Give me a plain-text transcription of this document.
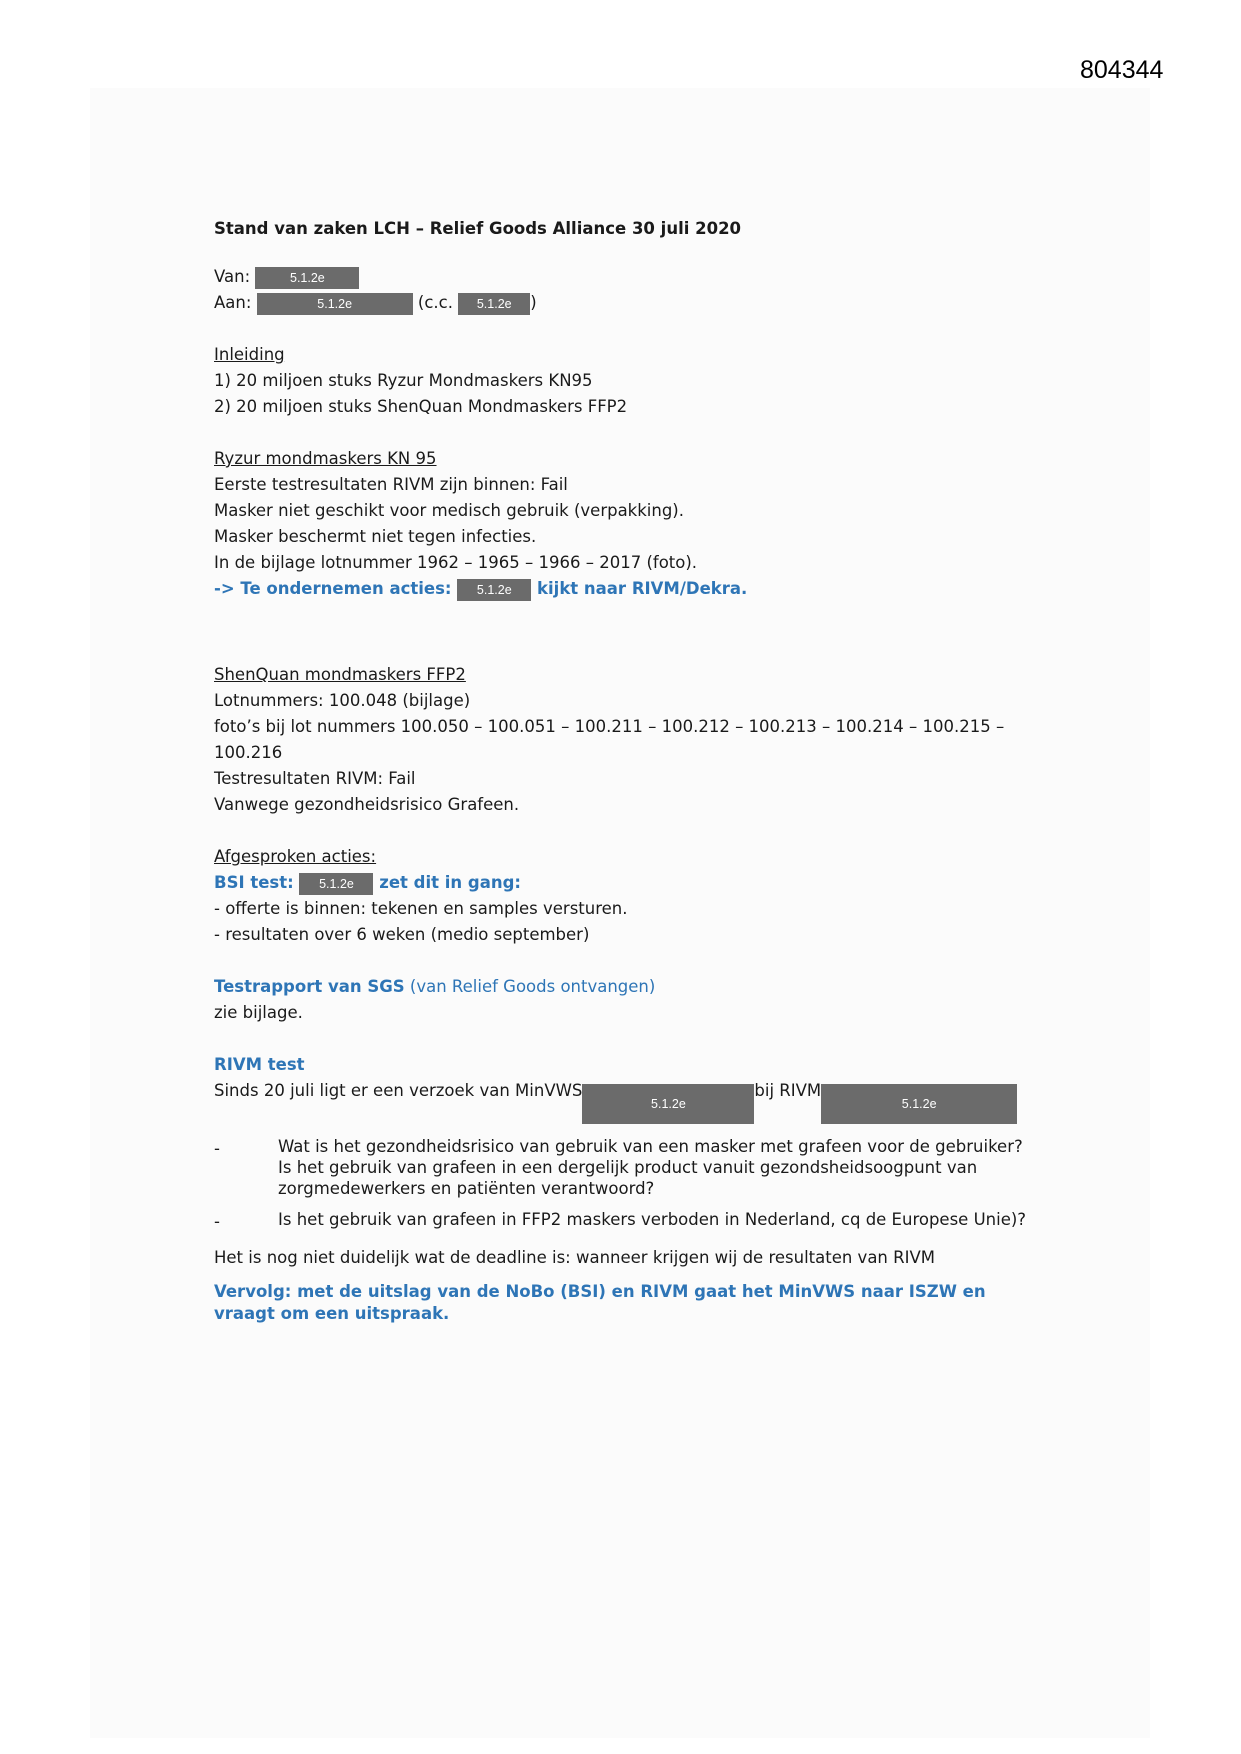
804344
Stand van zaken LCH – Relief Goods Alliance 30 juli 2020
Van:	5.1.2e
Aan:	5.1.2e	(c.c. 5.1.2e )
Inleiding
1) 20 miljoen stuks Ryzur Mondmaskers KN95
2) 20 miljoen stuks ShenQuan Mondmaskers FFP2
Ryzur mondmaskers KN 95
Eerste testresultaten RIVM zijn binnen: Fail
Masker niet geschikt voor medisch gebruik (verpakking).
Masker beschermt niet tegen infecties.
In de bijlage lotnummer 1962 – 1965 – 1966 – 2017 (foto).
-> Te ondernemen acties: 5.1.2e kijkt naar RIVM/Dekra.
ShenQuan mondmaskers FFP2
Lotnummers: 100.048 (bijlage)
foto’s bij lot nummers 100.050 – 100.051 – 100.211 – 100.212 – 100.213 – 100.214 – 100.215 –
100.216
Testresultaten RIVM: Fail
Vanwege gezondheidsrisico Grafeen.
Afgesproken acties:
BSI test: 5.1.2e zet dit in gang:
- offerte is binnen: tekenen en samples versturen.
- resultaten over 6 weken (medio september)
Testrapport van SGS (van Relief Goods ontvangen)
zie bijlage.
RIVM test
Sinds 20 juli ligt er een verzoek van MinVWS5.1.2ebij RIVM5.1.2e
-	Wat is het gezondheidsrisico van gebruik van een masker met grafeen voor de gebruiker? Is het gebruik van grafeen in een dergelijk product vanuit gezondsheidsoogpunt van zorgmedewerkers en patiënten verantwoord?
-	Is het gebruik van grafeen in FFP2 maskers verboden in Nederland, cq de Europese Unie)?
Het is nog niet duidelijk wat de deadline is: wanneer krijgen wij de resultaten van RIVM
Vervolg: met de uitslag van de NoBo (BSI) en RIVM gaat het MinVWS naar ISZW en vraagt om een uitspraak.
